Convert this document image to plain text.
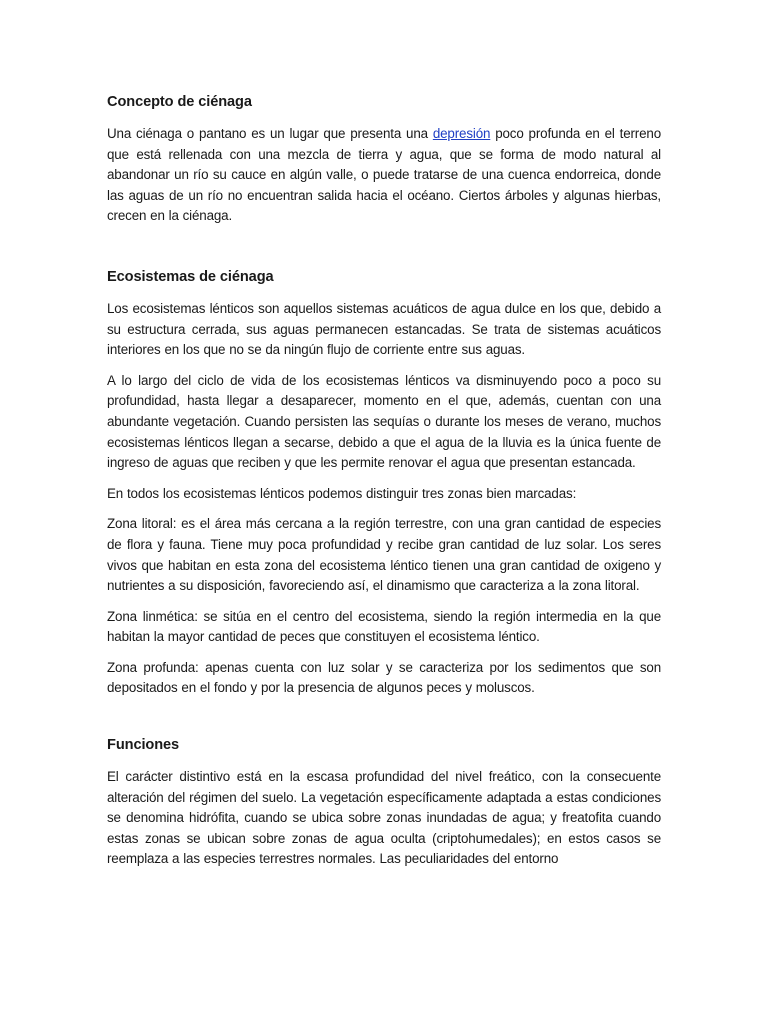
Concepto de ciénaga

Una ciénaga o pantano es un lugar que presenta una depresión poco profunda en el terreno que está rellenada con una mezcla de tierra y agua, que se forma de modo natural al abandonar un río su cauce en algún valle, o puede tratarse de una cuenca endorreica, donde las aguas de un río no encuentran salida hacia el océano. Ciertos árboles y algunas hierbas, crecen en la ciénaga.

Ecosistemas de ciénaga

Los ecosistemas lénticos son aquellos sistemas acuáticos de agua dulce en los que, debido a su estructura cerrada, sus aguas permanecen estancadas. Se trata de sistemas acuáticos interiores en los que no se da ningún flujo de corriente entre sus aguas.

A lo largo del ciclo de vida de los ecosistemas lénticos va disminuyendo poco a poco su profundidad, hasta llegar a desaparecer, momento en el que, además, cuentan con una abundante vegetación. Cuando persisten las sequías o durante los meses de verano, muchos ecosistemas lénticos llegan a secarse, debido a que el agua de la lluvia es la única fuente de ingreso de aguas que reciben y que les permite renovar el agua que presentan estancada.

En todos los ecosistemas lénticos podemos distinguir tres zonas bien marcadas:

Zona litoral: es el área más cercana a la región terrestre, con una gran cantidad de especies de flora y fauna. Tiene muy poca profundidad y recibe gran cantidad de luz solar. Los seres vivos que habitan en esta zona del ecosistema léntico tienen una gran cantidad de oxigeno y nutrientes a su disposición, favoreciendo así, el dinamismo que caracteriza a la zona litoral.

Zona linmética: se sitúa en el centro del ecosistema, siendo la región intermedia en la que habitan la mayor cantidad de peces que constituyen el ecosistema léntico.

Zona profunda: apenas cuenta con luz solar y se caracteriza por los sedimentos que son depositados en el fondo y por la presencia de algunos peces y moluscos.

Funciones

El carácter distintivo está en la escasa profundidad del nivel freático, con la consecuente alteración del régimen del suelo. La vegetación específicamente adaptada a estas condiciones se denomina hidrófita, cuando se ubica sobre zonas inundadas de agua; y freatofita cuando estas zonas se ubican sobre zonas de agua oculta (criptohumedales); en estos casos se reemplaza a las especies terrestres normales. Las peculiaridades del entorno
